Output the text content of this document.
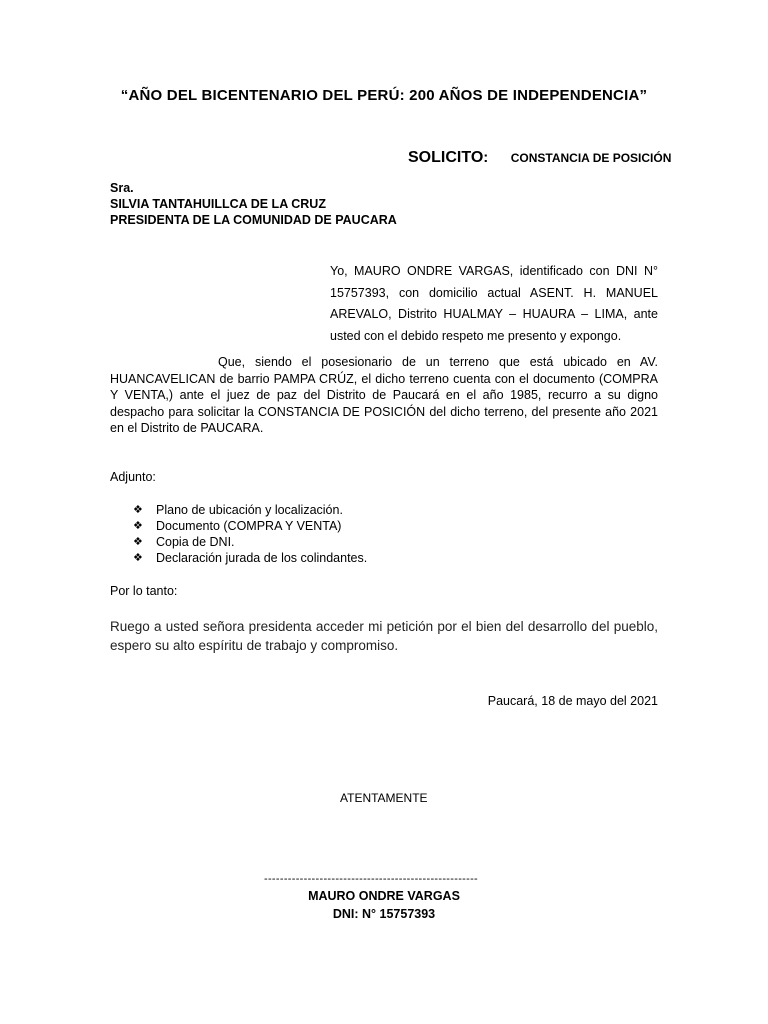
“AÑO DEL BICENTENARIO DEL PERÚ: 200 AÑOS DE INDEPENDENCIA”
SOLICITO: CONSTANCIA DE POSICIÓN
Sra.
SILVIA TANTAHUILLCA DE LA CRUZ
PRESIDENTA DE LA COMUNIDAD DE PAUCARA
Yo, MAURO ONDRE VARGAS, identificado con DNI N° 15757393, con domicilio actual ASENT. H. MANUEL AREVALO, Distrito HUALMAY – HUAURA – LIMA, ante usted con el debido respeto me presento y expongo.
Que, siendo el posesionario de un terreno que está ubicado en AV. HUANCAVELICAN de barrio PAMPA CRÚZ, el dicho terreno cuenta con el documento (COMPRA Y VENTA,) ante el juez de paz del Distrito de Paucará en el año 1985, recurro a su digno despacho para solicitar la CONSTANCIA DE POSICIÓN del dicho terreno, del presente año 2021 en el Distrito de PAUCARA.
Adjunto:
❖	Plano de ubicación y localización.
❖	Documento (COMPRA Y VENTA)
❖	Copia de DNI.
❖	Declaración jurada de los colindantes.
Por lo tanto:
Ruego a usted señora presidenta acceder mi petición por el bien del desarrollo del pueblo, espero su alto espíritu de trabajo y compromiso.
Paucará, 18 de mayo del 2021
ATENTAMENTE
------------------------------------------------------
MAURO ONDRE VARGAS
DNI: N° 15757393
